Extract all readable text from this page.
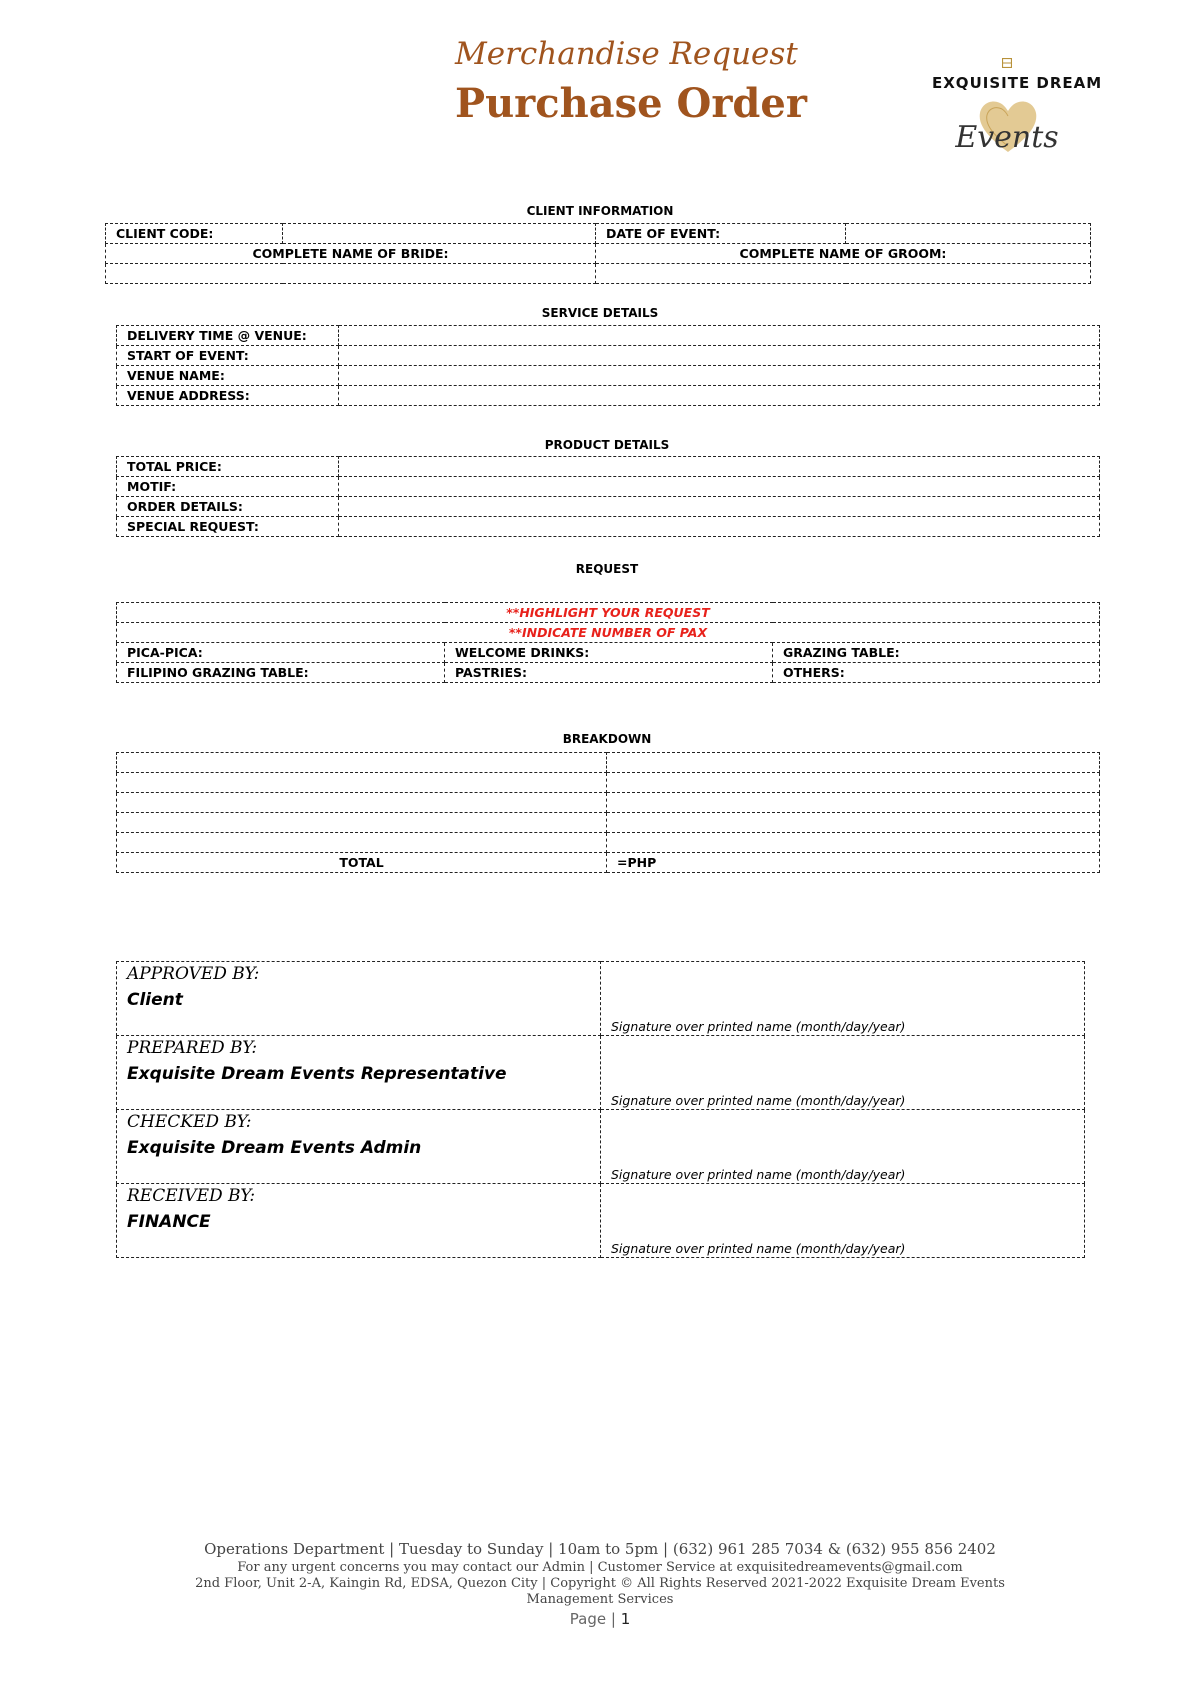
Merchandise Request
Purchase Order	EXQUISITE DREAM
Events
CLIENT INFORMATION
CLIENT CODE:		DATE OF EVENT:	
COMPLETE NAME OF BRIDE:		COMPLETE NAME OF GROOM:	

SERVICE DETAILS
DELIVERY TIME @ VENUE:	
START OF EVENT:	
VENUE NAME:	
VENUE ADDRESS:	
PRODUCT DETAILS
TOTAL PRICE:	
MOTIF:	
ORDER DETAILS:	
SPECIAL REQUEST:	
REQUEST
**HIGHLIGHT YOUR REQUEST		
**INDICATE NUMBER OF PAX		
PICA-PICA:	WELCOME DRINKS:	GRAZING TABLE:
FILIPINO GRAZING TABLE:	PASTRIES:	OTHERS:
BREAKDOWN

TOTAL	=PHP
APPROVED BY:
Client	Signature over printed name (month/day/year)

PREPARED BY:
Exquisite Dream Events Representative	Signature over printed name (month/day/year)

CHECKED BY:
Exquisite Dream Events Admin	Signature over printed name (month/day/year)

RECEIVED BY:
FINANCE	Signature over printed name (month/day/year)
Operations Department | Tuesday to Sunday | 10am to 5pm | (632) 961 285 7034 & (632) 955 856 2402
For any urgent concerns you may contact our Admin | Customer Service at exquisitedreamevents@gmail.com
2nd Floor, Unit 2-A, Kaingin Rd, EDSA, Quezon City | Copyright © All Rights Reserved 2021-2022 Exquisite Dream Events
Management Services
Page | 1
